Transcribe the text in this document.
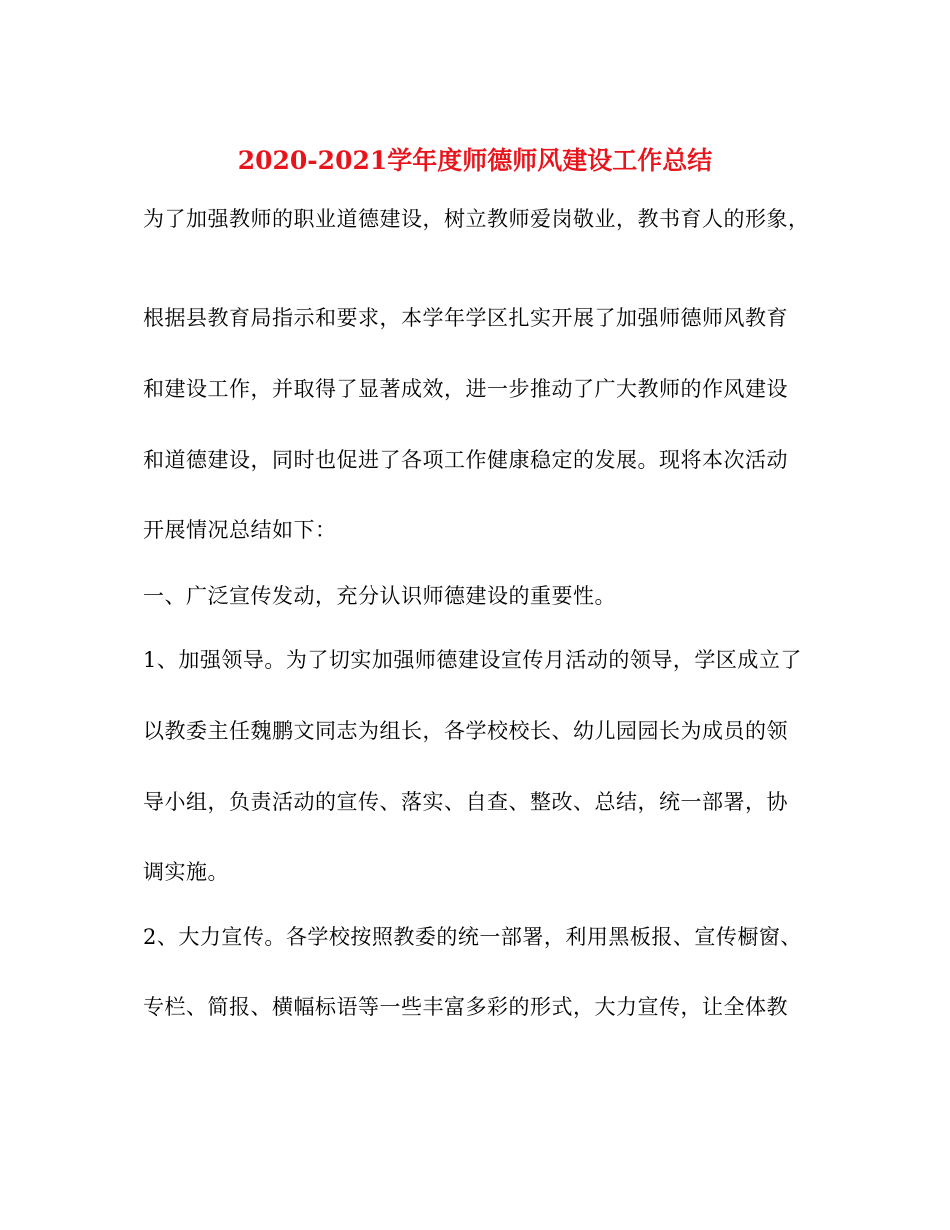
2020-2021学年度师德师风建设工作总结
为了加强教师的职业道德建设，树立教师爱岗敬业，教书育人的形象，
根据县教育局指示和要求，本学年学区扎实开展了加强师德师风教育
和建设工作，并取得了显著成效，进一步推动了广大教师的作风建设
和道德建设，同时也促进了各项工作健康稳定的发展。现将本次活动
开展情况总结如下：
一、广泛宣传发动，充分认识师德建设的重要性。
1、加强领导。为了切实加强师德建设宣传月活动的领导，学区成立了
以教委主任魏鹏文同志为组长，各学校校长、幼儿园园长为成员的领
导小组，负责活动的宣传、落实、自查、整改、总结，统一部署，协
调实施。
2、大力宣传。各学校按照教委的统一部署，利用黑板报、宣传橱窗、
专栏、简报、横幅标语等一些丰富多彩的形式，大力宣传，让全体教
